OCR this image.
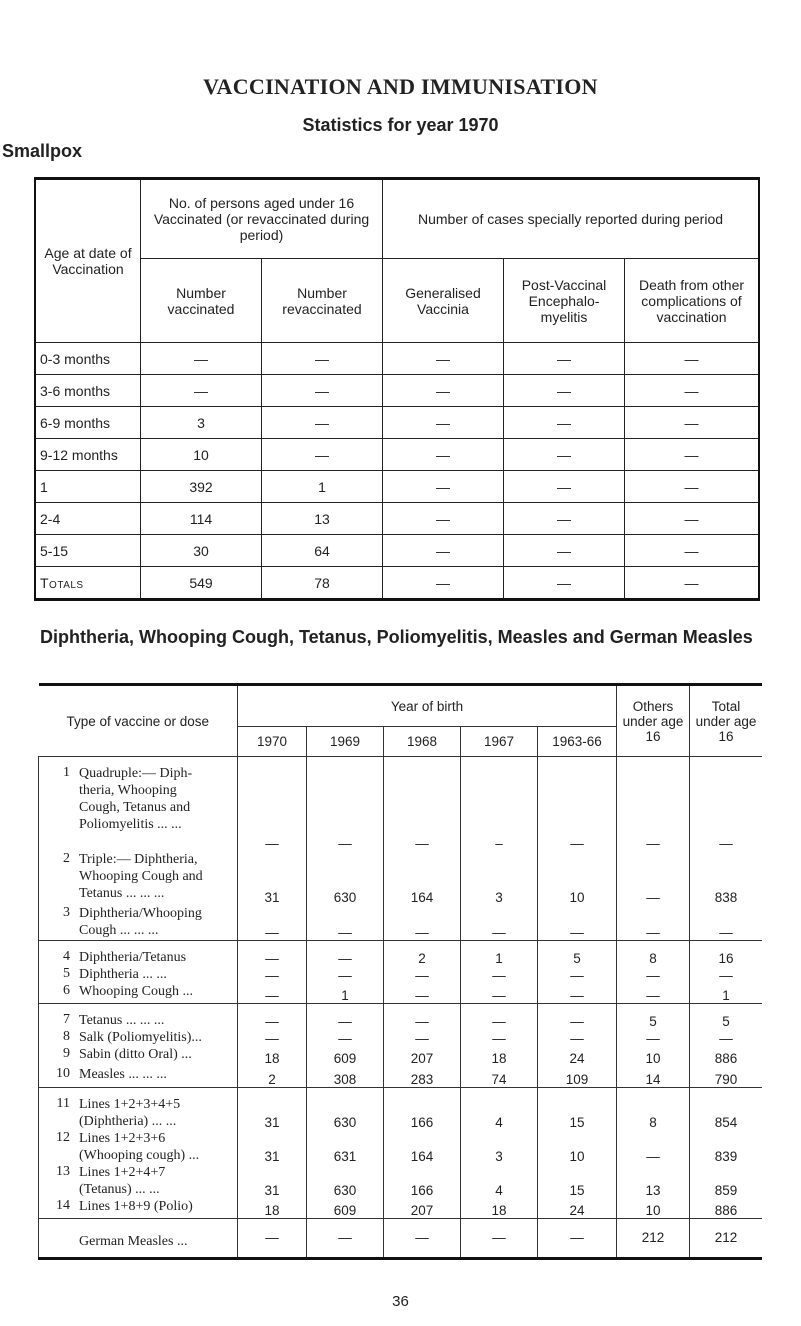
VACCINATION AND IMMUNISATION
Statistics for year 1970
Smallpox
Age at date of Vaccination	No. of persons aged under 16 Vaccinated (or revaccinated during period)		Number of cases specially reported during period		
	Number vaccinated	Number revaccinated	Generalised Vaccinia	Post-Vaccinal Encephalo- myelitis	Death from other complications of vaccination
0-3 months	—	—	—	—	—
3-6 months	—	—	—	—	—
6-9 months	3	—	—	—	—
9-12 months	10	—	—	—	—
1	392	1	—	—	—
2-4	114	13	—	—	—
5-15	30	64	—	—	—
Totals	549	78	—	—	—
Diphtheria, Whooping Cough, Tetanus, Poliomyelitis, Measles and German Measles
Type of vaccine or dose		Year of birth					Others under age 16	Total under age 16
		1970	1969	1968	1967	1963-66		
1	Quadruple:— Diph-
theria, Whooping
Cough, Tetanus and
Poliomyelitis ... ...	—	—	—	–	—	—	—
2	Triple:— Diphtheria,
Whooping Cough and
Tetanus ... ... ...	31	630	164	3	10	—	838
3	Diphtheria/Whooping
Cough ... ... ...	—	—	—	—	—	—	—
4	Diphtheria/Tetanus	—	—	2	1	5	8	16
5	Diphtheria ... ...	—	—	—	—	—	—	—
6	Whooping Cough ...	—	1	—	—	—	—	1
7	Tetanus ... ... ...	—	—	—	—	—	5	5
8	Salk (Poliomyelitis)...	—	—	—	—	—	—	—
9	Sabin (ditto Oral) ...	18	609	207	18	24	10	886
10	Measles ... ... ...	2	308	283	74	109	14	790
11	Lines 1+2+3+4+5
(Diphtheria) ... ...	31	630	166	4	15	8	854
12	Lines 1+2+3+6
(Whooping cough) ...	31	631	164	3	10	—	839
13	Lines 1+2+4+7
(Tetanus) ... ...	31	630	166	4	15	13	859
14	Lines 1+8+9 (Polio)	18	609	207	18	24	10	886

	German Measles ...	—	—	—	—	—	212	212
36
